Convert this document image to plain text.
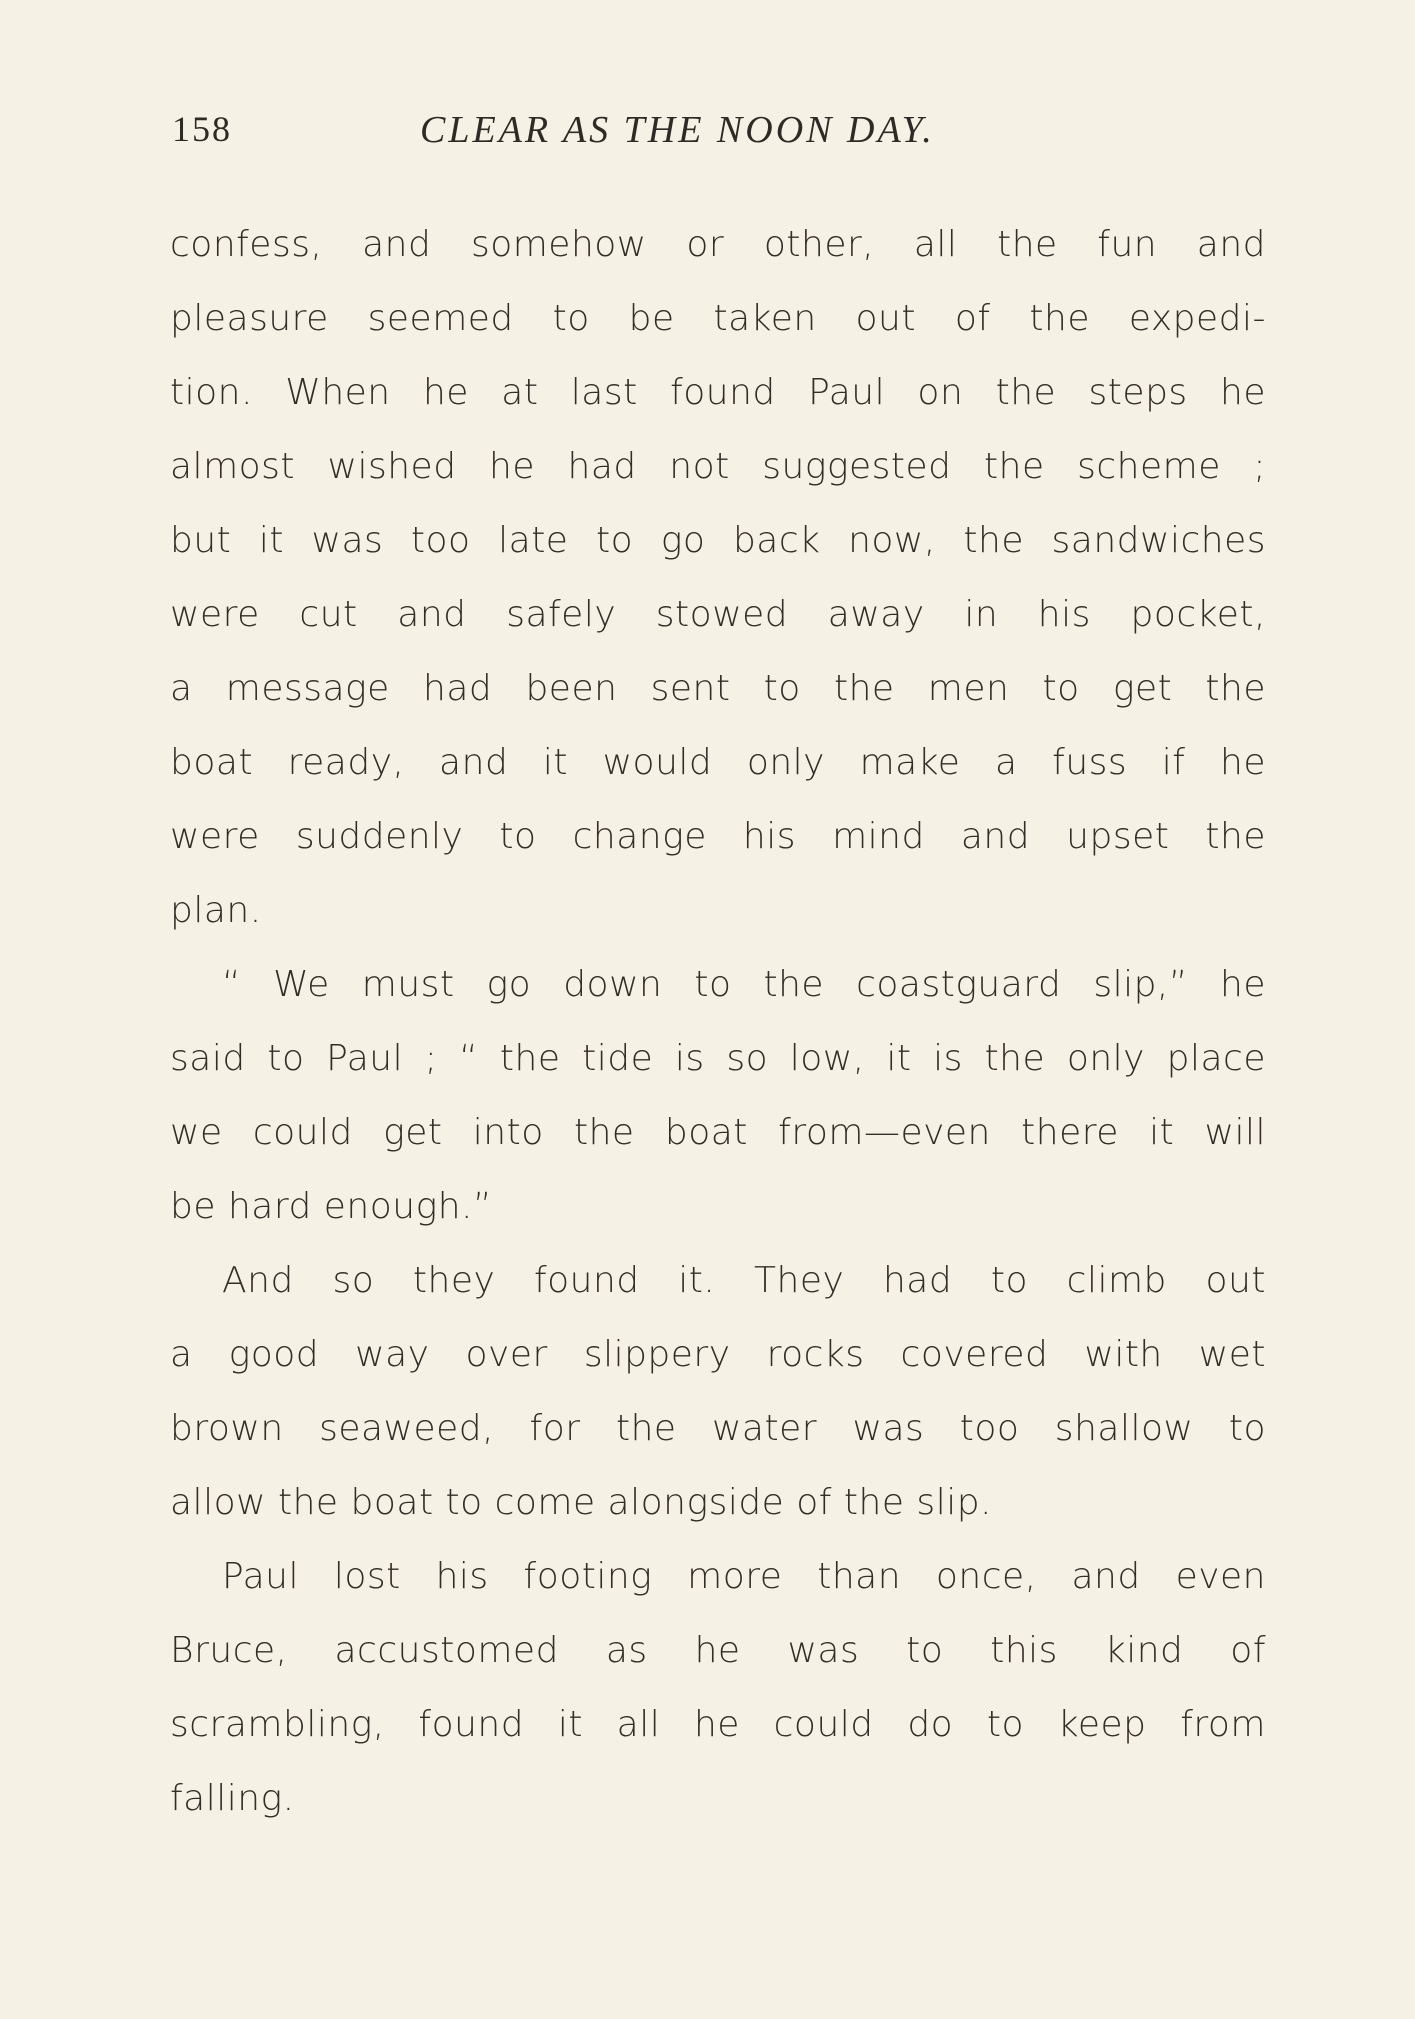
158	CLEAR AS THE NOON DAY.
confess, and somehow or other, all the fun and
pleasure seemed to be taken out of the expedi-
tion. When he at last found Paul on the steps he
almost wished he had not suggested the scheme ;
but it was too late to go back now, the sandwiches
were cut and safely stowed away in his pocket,
a message had been sent to the men to get the
boat ready, and it would only make a fuss if he
were suddenly to change his mind and upset the
plan.
“ We must go down to the coastguard slip,” he
said to Paul ; “ the tide is so low, it is the only place
we could get into the boat from—even there it will
be hard enough.”
And so they found it. They had to climb out
a good way over slippery rocks covered with wet
brown seaweed, for the water was too shallow to
allow the boat to come alongside of the slip.
Paul lost his footing more than once, and even
Bruce, accustomed as he was to this kind of
scrambling, found it all he could do to keep from
falling.
